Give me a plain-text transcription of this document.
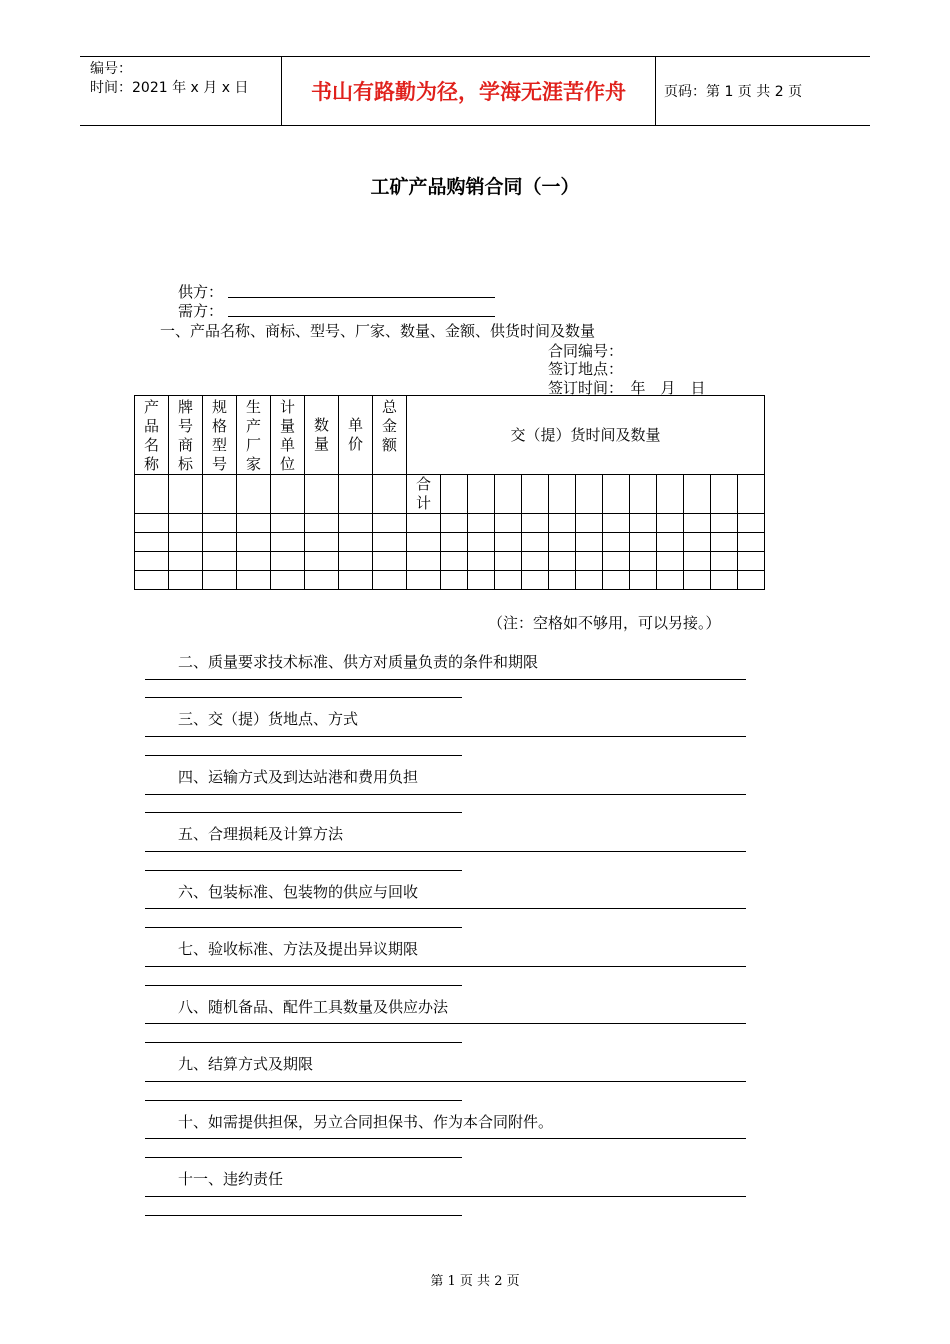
编号：
时间：2021 年 x 月 x 日	书山有路勤为径，学海无涯苦作舟	页码：第 1 页 共 2 页
工矿产品购销合同（一）
供方：
需方：
一、产品名称、商标、型号、厂家、数量、金额、供货时间及数量
合同编号：
签订地点：
签订时间：　年　月　日
产品名称	牌号商标	规格型号	生产厂家	计量单位	数量	单价	总金额	交（提）货时间及数量												

								合计												

（注：空格如不够用，可以另接。）
二、质量要求技术标准、供方对质量负责的条件和期限
三、交（提）货地点、方式
四、运输方式及到达站港和费用负担
五、合理损耗及计算方法
六、包装标准、包装物的供应与回收
七、验收标准、方法及提出异议期限
八、随机备品、配件工具数量及供应办法
九、结算方式及期限
十、如需提供担保，另立合同担保书、作为本合同附件。
十一、违约责任
第 1 页 共 2 页
